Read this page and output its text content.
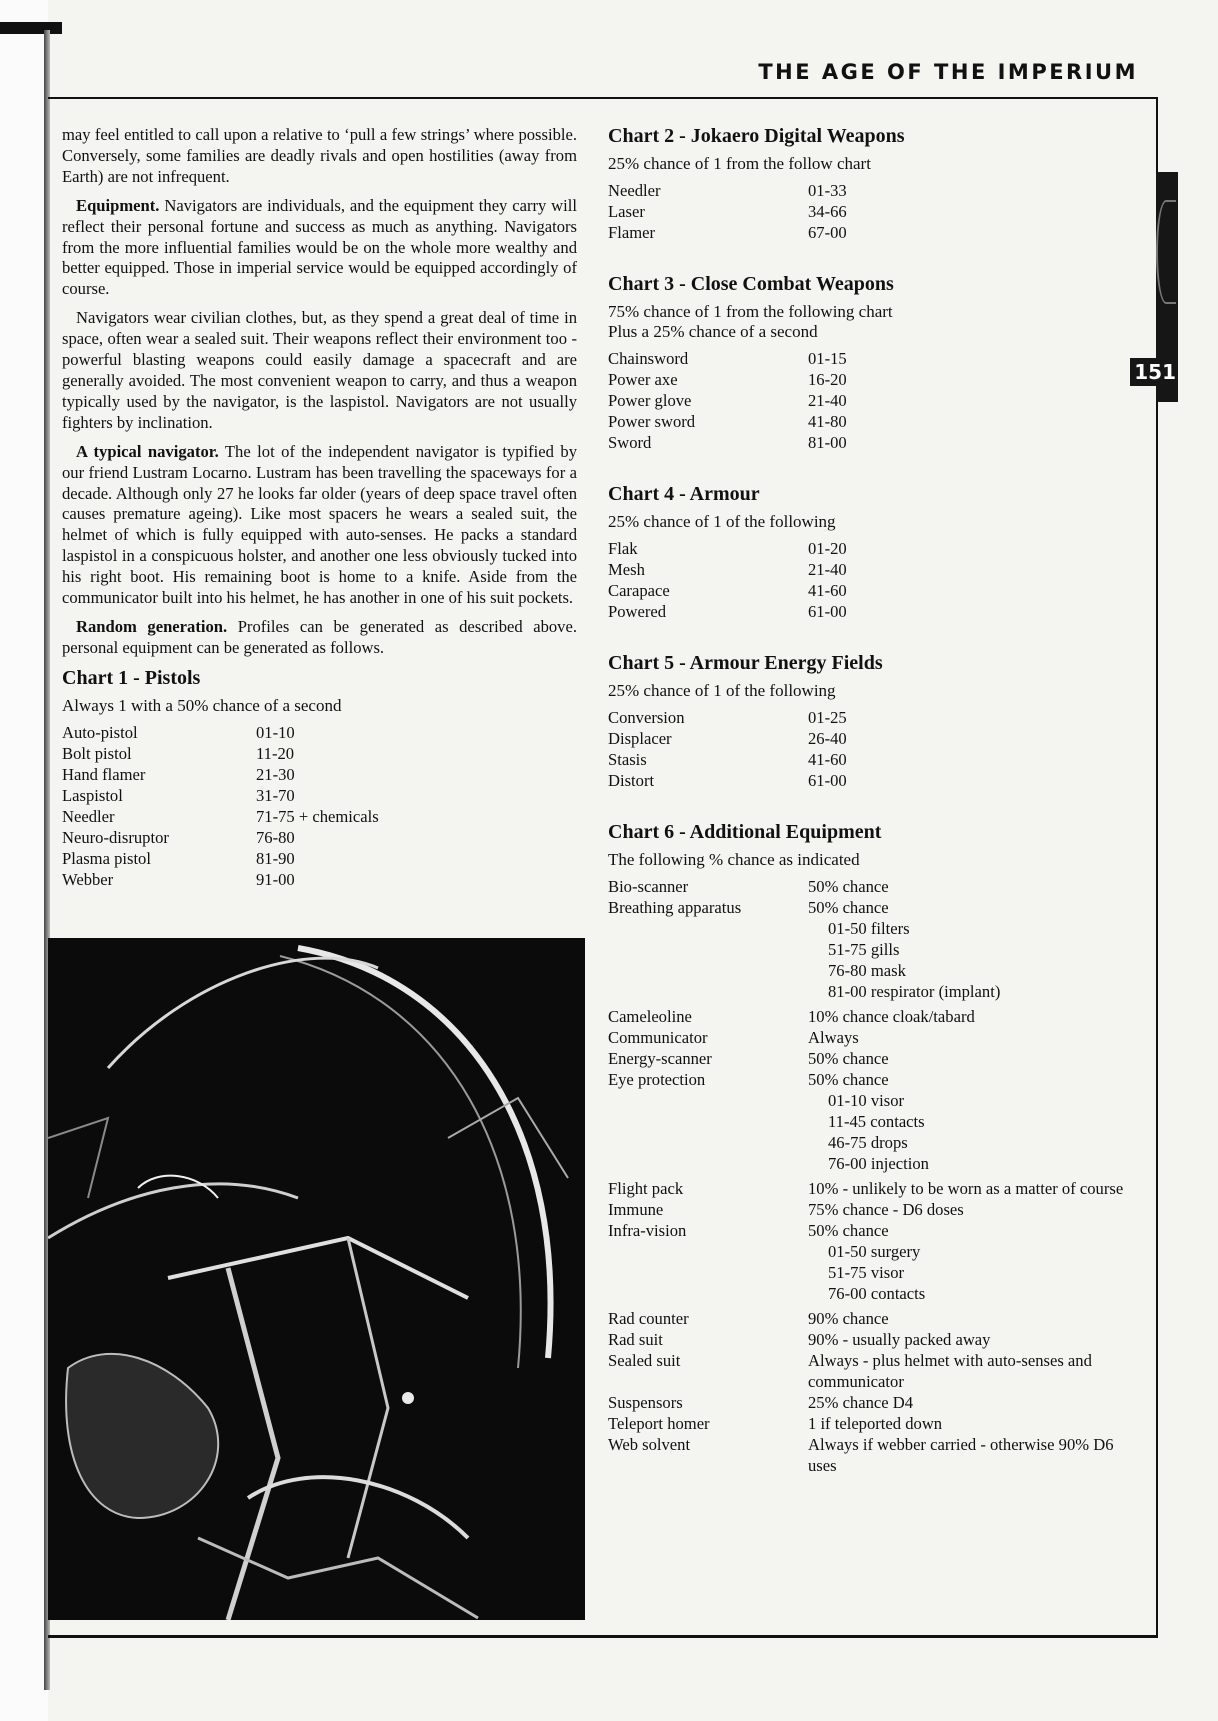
THE AGE OF THE IMPERIUM
151

may feel entitled to call upon a relative to ‘pull a few strings’ where possible. Conversely, some families are deadly rivals and open hostilities (away from Earth) are not infrequent.

Equipment. Navigators are individuals, and the equipment they carry will reflect their personal fortune and success as much as anything. Navigators from the more influential families would be on the whole more wealthy and better equipped. Those in imperial service would be equipped accordingly of course.

Navigators wear civilian clothes, but, as they spend a great deal of time in space, often wear a sealed suit. Their weapons reflect their environment too - powerful blasting weapons could easily damage a spacecraft and are generally avoided. The most convenient weapon to carry, and thus a weapon typically used by the navigator, is the laspistol. Navigators are not usually fighters by inclination.

A typical navigator. The lot of the independent navigator is typified by our friend Lustram Locarno. Lustram has been travelling the spaceways for a decade. Although only 27 he looks far older (years of deep space travel often causes premature ageing). Like most spacers he wears a sealed suit, the helmet of which is fully equipped with auto-senses. He packs a standard laspistol in a conspicuous holster, and another one less obviously tucked into his right boot. His remaining boot is home to a knife. Aside from the communicator built into his helmet, he has another in one of his suit pockets.

Random generation. Profiles can be generated as described above. personal equipment can be generated as follows.

Chart 1 - Pistols
Always 1 with a 50% chance of a second
Auto-pistol	01-10
Bolt pistol	11-20
Hand flamer	21-30
Laspistol	31-70
Needler	71-75 + chemicals
Neuro-disruptor	76-80
Plasma pistol	81-90
Webber	91-00
Chart 2 - Jokaero Digital Weapons
25% chance of 1 from the follow chart
Needler	01-33
Laser	34-66
Flamer	67-00
Chart 3 - Close Combat Weapons
75% chance of 1 from the following chart
Plus a 25% chance of a second
Chainsword	01-15
Power axe	16-20
Power glove	21-40
Power sword	41-80
Sword	81-00
Chart 4 - Armour
25% chance of 1 of the following
Flak	01-20
Mesh	21-40
Carapace	41-60
Powered	61-00
Chart 5 - Armour Energy Fields
25% chance of 1 of the following
Conversion	01-25
Displacer	26-40
Stasis	41-60
Distort	61-00
Chart 6 - Additional Equipment
The following % chance as indicated
Bio-scanner	50% chance
Breathing apparatus	50% chance
01-50 filters
51-75 gills
76-80 mask
81-00 respirator (implant)
Cameleoline	10% chance cloak/tabard
Communicator	Always
Energy-scanner	50% chance
Eye protection	50% chance
01-10 visor
11-45 contacts
46-75 drops
76-00 injection
Flight pack	10% - unlikely to be worn as a matter of course
Immune	75% chance - D6 doses
Infra-vision	50% chance
01-50 surgery
51-75 visor
76-00 contacts
Rad counter	90% chance
Rad suit	90% - usually packed away
Sealed suit	Always - plus helmet with auto-senses and communicator
Suspensors	25% chance D4
Teleport homer	1 if teleported down
Web solvent	Always if webber carried - otherwise 90% D6 uses
